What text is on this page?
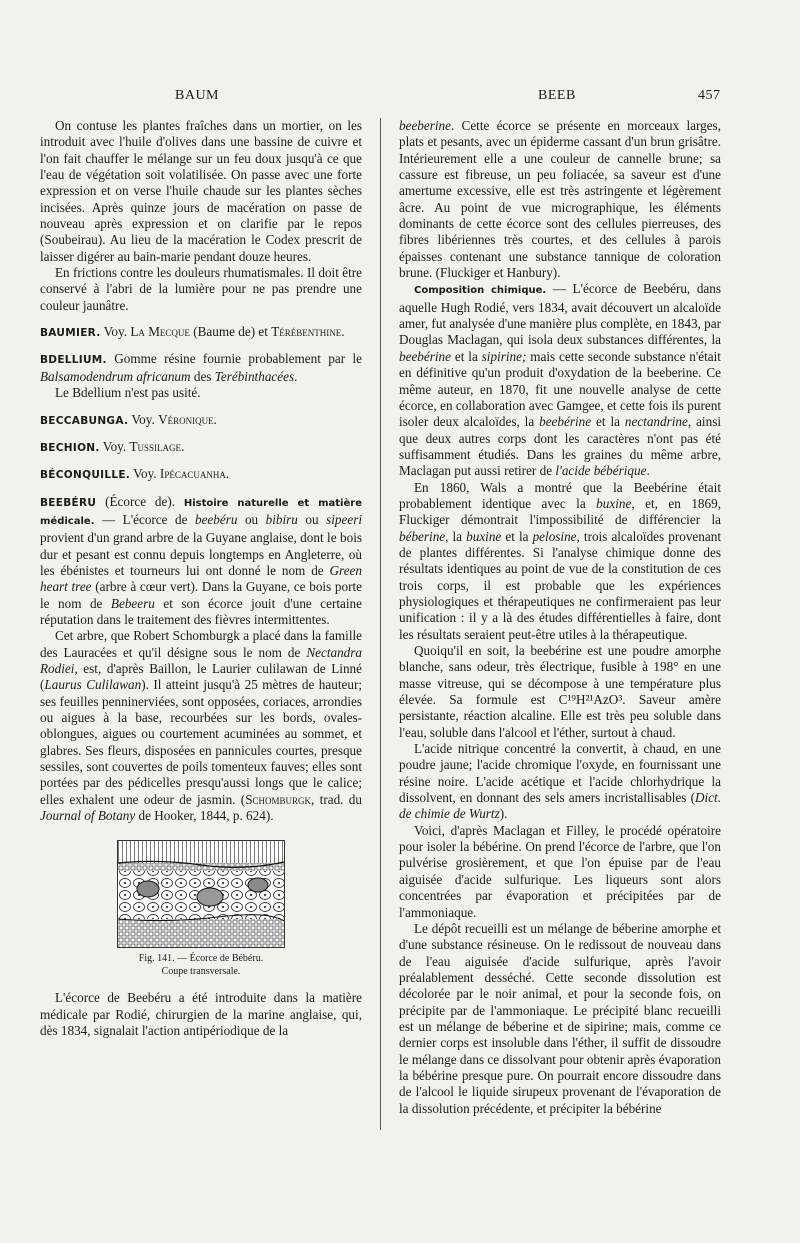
BAUM	BEEB	457

On contuse les plantes fraîches dans un mortier, on les introduit avec l'huile d'olives dans une bassine de cuivre et l'on fait chauffer le mélange sur un feu doux jusqu'à ce que l'eau de végétation soit volatilisée. On passe avec une forte expression et on verse l'huile chaude sur les plantes sèches incisées. Après quinze jours de macération on passe de nouveau après expression et on clarifie par le repos (Soubeirau). Au lieu de la macération le Codex prescrit de laisser digérer au bain-marie pendant douze heures.

En frictions contre les douleurs rhumatismales. Il doit être conservé à l'abri de la lumière pour ne pas prendre une couleur jaunâtre.

BAUMIER. Voy. La Mecque (Baume de) et Térébenthine.

BDELLIUM. Gomme résine fournie probablement par le Balsamodendrum africanum des Terébinthacées.

Le Bdellium n'est pas usité.

BECCABUNGA. Voy. Véronique.

BECHION. Voy. Tussilage.

BÉCONQUILLE. Voy. Ipécacuanha.

BEEBÉRU (Écorce de). Histoire naturelle et matière médicale. — L'écorce de beebéru ou bibiru ou sipeeri provient d'un grand arbre de la Guyane anglaise, dont le bois dur et pesant est connu depuis longtemps en Angleterre, où les ébénistes et tourneurs lui ont donné le nom de Green heart tree (arbre à cœur vert). Dans la Guyane, ce bois porte le nom de Bebeeru et son écorce jouit d'une certaine réputation dans le traitement des fièvres intermittentes.

Cet arbre, que Robert Schomburgk a placé dans la famille des Lauracées et qu'il désigne sous le nom de Nectandra Rodiei, est, d'après Baillon, le Laurier culilawan de Linné (Laurus Culilawan). Il atteint jusqu'à 25 mètres de hauteur; ses feuilles penninerviées, sont opposées, coriaces, arrondies ou aigues à la base, recourbées sur les bords, ovales-oblongues, aigues ou courtement acuminées au sommet, et glabres. Ses fleurs, disposées en pannicules courtes, presque sessiles, sont couvertes de poils tomenteux fauves; elles sont portées par des pédicelles presqu'aussi longs que le calice; elles exhalent une odeur de jasmin. (Schomburgk, trad. du Journal of Botany de Hooker, 1844, p. 624).

Fig. 141. — Écorce de Bébéru.
Coupe transversale.

L'écorce de Beebéru a été introduite dans la matière médicale par Rodié, chirurgien de la marine anglaise, qui, dès 1834, signalait l'action antipériodique de la

beeberine. Cette écorce se présente en morceaux larges, plats et pesants, avec un épiderme cassant d'un brun grisâtre. Intérieurement elle a une couleur de cannelle brune; sa cassure est fibreuse, un peu foliacée, sa saveur est d'une amertume excessive, elle est très astringente et légèrement âcre. Au point de vue micrographique, les éléments dominants de cette écorce sont des cellules pierreuses, des fibres libériennes très courtes, et des cellules à parois épaisses contenant une substance tannique de coloration brune. (Fluckiger et Hanbury).

Composition chimique. — L'écorce de Beebéru, dans aquelle Hugh Rodié, vers 1834, avait découvert un alcaloïde amer, fut analysée d'une manière plus complète, en 1843, par Douglas Maclagan, qui isola deux substances différentes, la beebérine et la sipirine; mais cette seconde substance n'était en définitive qu'un produit d'oxydation de la beeberine. Ce même auteur, en 1870, fit une nouvelle analyse de cette écorce, en collaboration avec Gamgee, et cette fois ils purent isoler deux alcaloïdes, la beebérine et la nectandrine, ainsi que deux autres corps dont les caractères n'ont pas été suffisamment étudiés. Dans les graines du même arbre, Maclagan put aussi retirer de l'acide bébérique.

En 1860, Wals a montré que la Beebérine était probablement identique avec la buxine, et, en 1869, Fluckiger démontrait l'impossibilité de différencier la béberine, la buxine et la pelosine, trois alcaloïdes provenant de plantes différentes. Si l'analyse chimique donne des résultats identiques au point de vue de la constitution de ces trois corps, il est probable que les expériences physiologiques et thérapeutiques ne confirmeraient pas leur unification : il y a là des études différentielles à faire, dont les résultats seraient peut-être utiles à la thérapeutique.

Quoiqu'il en soit, la beebérine est une poudre amorphe blanche, sans odeur, très électrique, fusible à 198° en une masse vitreuse, qui se décompose à une température plus élevée. Sa formule est C¹⁹H²¹AzO³. Saveur amère persistante, réaction alcaline. Elle est très peu soluble dans l'eau, soluble dans l'alcool et l'éther, surtout à chaud.

L'acide nitrique concentré la convertit, à chaud, en une poudre jaune; l'acide chromique l'oxyde, en fournissant une résine noire. L'acide acétique et l'acide chlorhydrique la dissolvent, en donnant des sels amers incristallisables (Dict. de chimie de Wurtz).

Voici, d'après Maclagan et Filley, le procédé opératoire pour isoler la bébérine. On prend l'écorce de l'arbre, que l'on pulvérise grosièrement, et que l'on épuise par de l'eau aiguisée d'acide sulfurique. Les liqueurs sont alors concentrées par évaporation et précipitées par de l'ammoniaque.

Le dépôt recueilli est un mélange de béberine amorphe et d'une substance résineuse. On le redissout de nouveau dans de l'eau aiguisée d'acide sulfurique, après l'avoir préalablement desséché. Cette seconde dissolution est décolorée par le noir animal, et pour la seconde fois, on précipite par de l'ammoniaque. Le précipité blanc recueilli est un mélange de béberine et de sipirine; mais, comme ce dernier corps est insoluble dans l'éther, il suffit de dissoudre le mélange dans ce dissolvant pour obtenir après évaporation la bébérine presque pure. On pourrait encore dissoudre dans de l'alcool le liquide sirupeux provenant de l'évaporation de la dissolution précédente, et précipiter la bébérine
